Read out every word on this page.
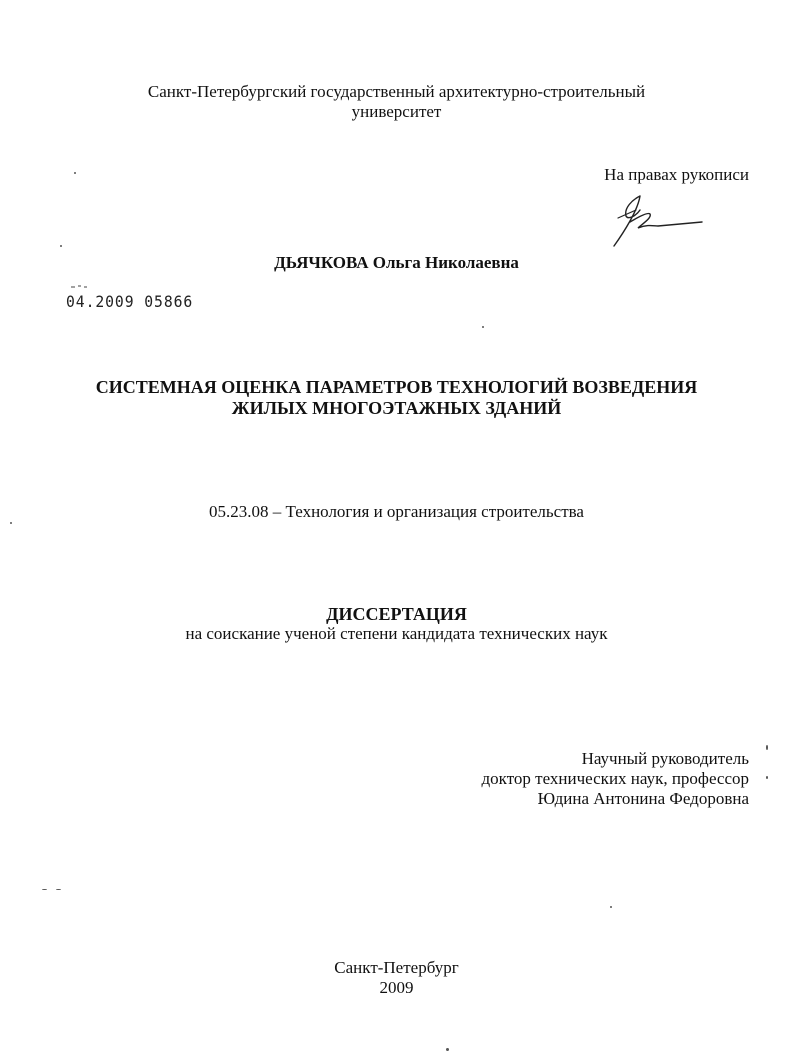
Санкт-Петербургский государственный архитектурно-строительный
университет
На правах рукописи
ДЬЯЧКОВА Ольга Николаевна
04.2009 05866
СИСТЕМНАЯ ОЦЕНКА ПАРАМЕТРОВ ТЕХНОЛОГИЙ ВОЗВЕДЕНИЯ
ЖИЛЫХ МНОГОЭТАЖНЫХ ЗДАНИЙ
05.23.08 – Технология и организация строительства
ДИССЕРТАЦИЯ
на соискание ученой степени кандидата технических наук
Научный руководитель
доктор технических наук, профессор
Юдина Антонина Федоровна
Санкт-Петербург
2009
